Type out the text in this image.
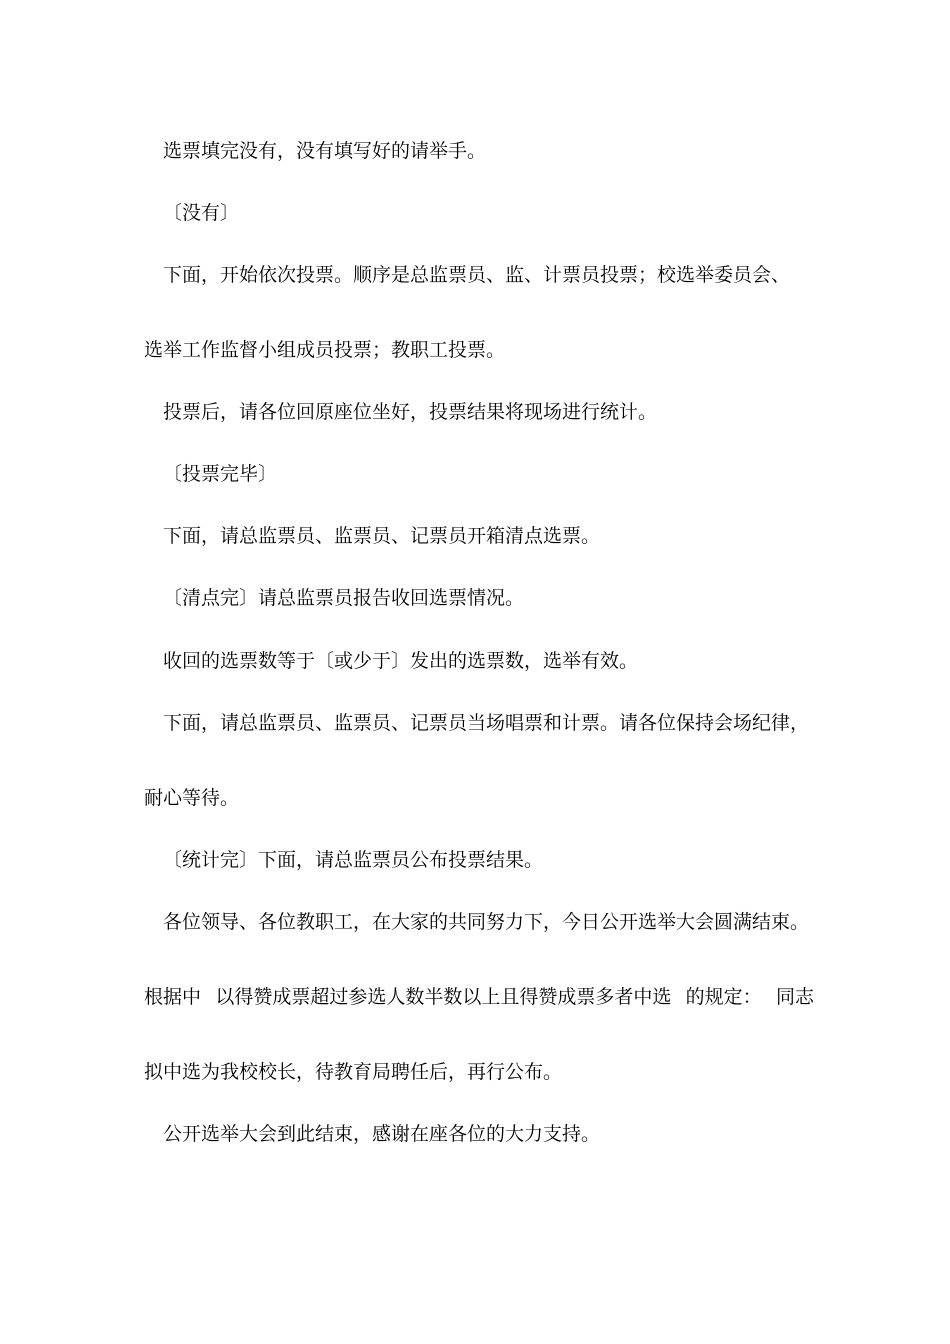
选票填完没有，没有填写好的请举手。
〔没有〕
下面，开始依次投票。顺序是总监票员、监、计票员投票；校选举委员会、
选举工作监督小组成员投票；教职工投票。
投票后，请各位回原座位坐好，投票结果将现场进行统计。
〔投票完毕〕
下面，请总监票员、监票员、记票员开箱清点选票。
〔清点完〕请总监票员报告收回选票情况。
收回的选票数等于〔或少于〕发出的选票数，选举有效。
下面，请总监票员、监票员、记票员当场唱票和计票。请各位保持会场纪律，
耐心等待。
〔统计完〕下面，请总监票员公布投票结果。
各位领导、各位教职工，在大家的共同努力下，今日公开选举大会圆满结束。
根据中 以得赞成票超过参选人数半数以上且得赞成票多者中选 的规定： 同志
拟中选为我校校长，待教育局聘任后，再行公布。
公开选举大会到此结束，感谢在座各位的大力支持。
